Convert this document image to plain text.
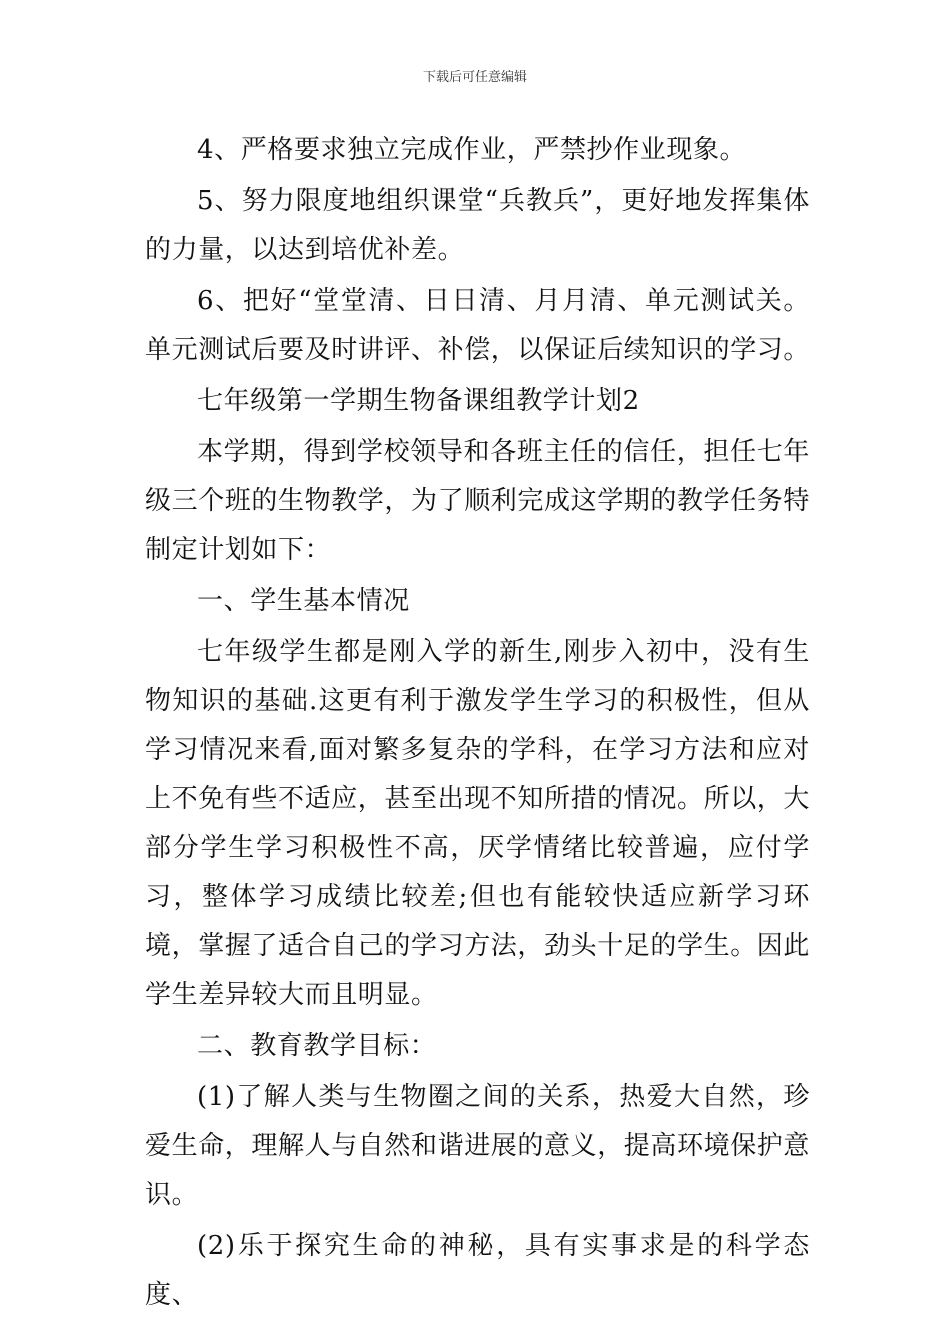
下载后可任意编辑

4、严格要求独立完成作业，严禁抄作业现象。

5、努力限度地组织课堂“兵教兵”，更好地发挥集体的力量，以达到培优补差。

6、把好“堂堂清、日日清、月月清、单元测试关。单元测试后要及时讲评、补偿，以保证后续知识的学习。

七年级第一学期生物备课组教学计划2

本学期，得到学校领导和各班主任的信任，担任七年级三个班的生物教学，为了顺利完成这学期的教学任务特制定计划如下：

一、学生基本情况

七年级学生都是刚入学的新生,刚步入初中，没有生物知识的基础.这更有利于激发学生学习的积极性，但从学习情况来看,面对繁多复杂的学科，在学习方法和应对上不免有些不适应，甚至出现不知所措的情况。所以，大部分学生学习积极性不高，厌学情绪比较普遍，应付学习，整体学习成绩比较差;但也有能较快适应新学习环境，掌握了适合自己的学习方法，劲头十足的学生。因此学生差异较大而且明显。

二、教育教学目标：

(1)了解人类与生物圈之间的关系，热爱大自然，珍爱生命，理解人与自然和谐进展的意义，提高环境保护意识。

(2)乐于探究生命的神秘，具有实事求是的科学态度、
